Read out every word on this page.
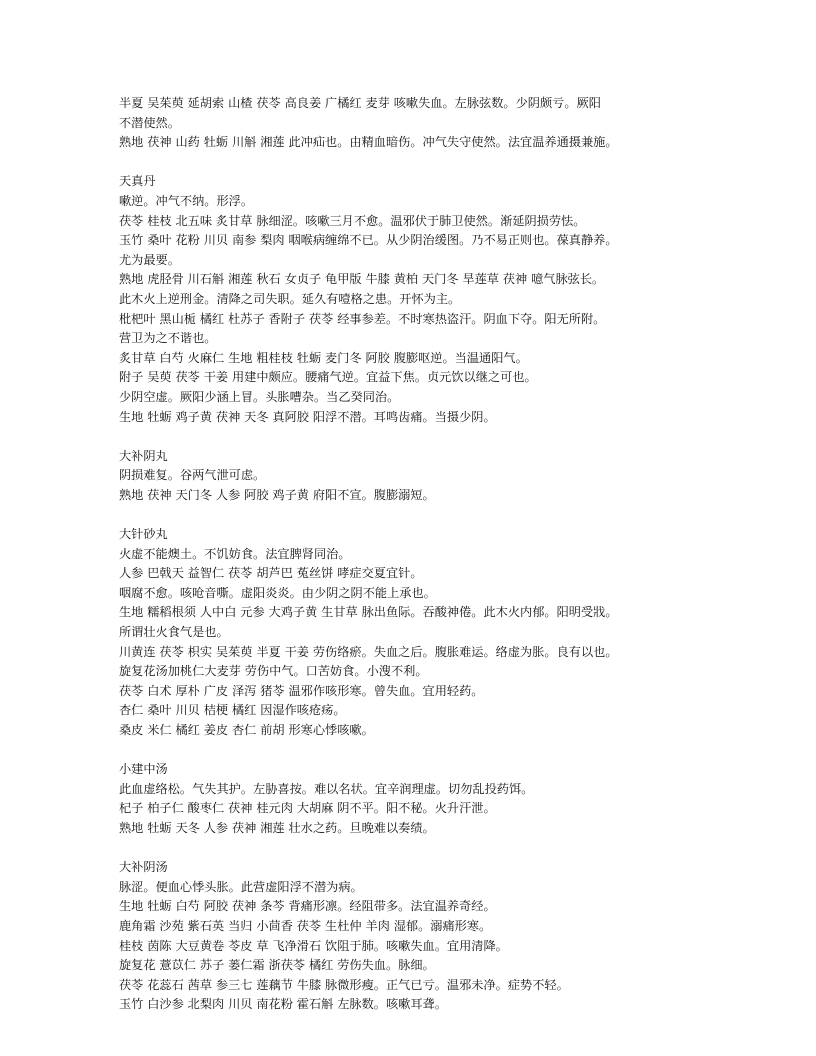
半夏 吴茱萸 延胡索 山楂 茯苓 高良姜 广橘红 麦芽 咳嗽失血。左脉弦数。少阴颇亏。厥阳
不潜使然。
熟地 茯神 山药 牡蛎 川斛 湘莲 此冲疝也。由精血暗伤。冲气失守使然。法宜温养通摄兼施。
天真丹
嗽逆。冲气不纳。形浮。
茯苓 桂枝 北五味 炙甘草 脉细涩。咳嗽三月不愈。温邪伏于肺卫使然。渐延阴损劳怯。
玉竹 桑叶 花粉 川贝 南参 梨肉 咽喉病缠绵不已。从少阴治缓图。乃不易正则也。葆真静养。
尤为最要。
熟地 虎胫骨 川石斛 湘莲 秋石 女贞子 龟甲版 牛膝 黄柏 天门冬 旱莲草 茯神 噫气脉弦长。
此木火上逆刑金。清降之司失职。延久有噎格之患。开怀为主。
枇杷叶 黑山栀 橘红 杜苏子 香附子 茯苓 经事参差。不时寒热盗汗。阴血下夺。阳无所附。
营卫为之不谐也。
炙甘草 白芍 火麻仁 生地 粗桂枝 牡蛎 麦门冬 阿胶 腹膨呕逆。当温通阳气。
附子 吴萸 茯苓 干姜 用建中颇应。腰痛气逆。宜益下焦。贞元饮以继之可也。
少阴空虚。厥阳少涵上冒。头胀嘈杂。当乙癸同治。
生地 牡蛎 鸡子黄 茯神 天冬 真阿胶 阳浮不潜。耳鸣齿痛。当摄少阴。
大补阴丸
阴损难复。谷两气泄可虑。
熟地 茯神 天门冬 人参 阿胶 鸡子黄 府阳不宣。腹膨溺短。
大针砂丸
火虚不能燠土。不饥妨食。法宜脾肾同治。
人参 巴戟天 益智仁 茯苓 胡芦巴 菟丝饼 哮症交夏宜针。
咽腐不愈。咳呛音嘶。虚阳炎炎。由少阴之阴不能上承也。
生地 糯稻根须 人中白 元参 大鸡子黄 生甘草 脉出鱼际。吞酸神倦。此木火内郁。阳明受戕。
所谓壮火食气是也。
川黄连 茯苓 枳实 吴茱萸 半夏 干姜 劳伤络瘀。失血之后。腹胀难运。络虚为胀。良有以也。
旋复花汤加桃仁大麦芽 劳伤中气。口苦妨食。小溲不利。
茯苓 白术 厚朴 广皮 泽泻 猪苓 温邪作咳形寒。曾失血。宜用轻药。
杏仁 桑叶 川贝 桔梗 橘红 因湿作咳疮疡。
桑皮 米仁 橘红 姜皮 杏仁 前胡 形寒心悸咳嗽。
小建中汤
此血虚络松。气失其护。左胁喜按。难以名状。宜辛润理虚。切勿乱投药饵。
杞子 柏子仁 酸枣仁 茯神 桂元肉 大胡麻 阴不平。阳不秘。火升汗泄。
熟地 牡蛎 天冬 人参 茯神 湘莲 壮水之药。旦晚难以奏绩。
大补阴汤
脉涩。便血心悸头胀。此营虚阳浮不潜为病。
生地 牡蛎 白芍 阿胶 茯神 条芩 背痛形凛。经阻带多。法宜温养奇经。
鹿角霜 沙苑 紫石英 当归 小茴香 茯苓 生杜仲 羊肉 湿郁。溺痛形寒。
桂枝 茵陈 大豆黄卷 苓皮 草 飞净滑石 饮阻于肺。咳嗽失血。宜用清降。
旋复花 薏苡仁 苏子 蒌仁霜 浙茯苓 橘红 劳伤失血。脉细。
茯苓 花蕊石 茜草 参三七 莲藕节 牛膝 脉微形瘦。正气已亏。温邪未净。症势不轻。
玉竹 白沙参 北梨肉 川贝 南花粉 霍石斛 左脉数。咳嗽耳聋。
